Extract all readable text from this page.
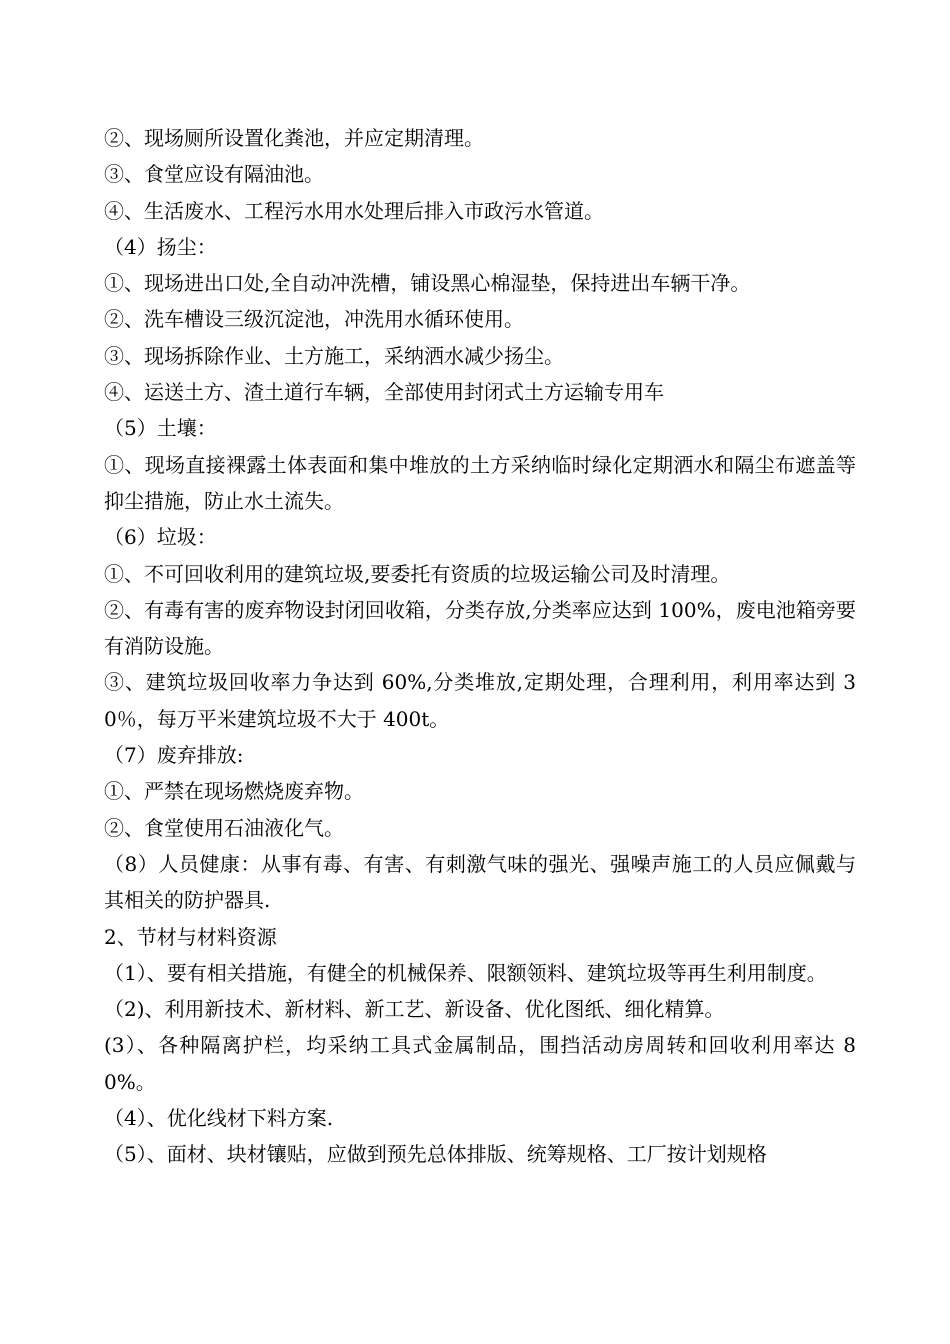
②、现场厕所设置化粪池，并应定期清理。

③、食堂应设有隔油池。

④、生活废水、工程污水用水处理后排入市政污水管道。

（4）扬尘：

①、现场进出口处,全自动冲洗槽，铺设黑心棉湿垫，保持进出车辆干净。

②、洗车槽设三级沉淀池，冲洗用水循环使用。

③、现场拆除作业、土方施工，采纳洒水减少扬尘。

④、运送土方、渣土道行车辆，全部使用封闭式土方运输专用车

（5）土壤：

①、现场直接裸露土体表面和集中堆放的土方采纳临时绿化定期洒水和隔尘布遮盖等抑尘措施，防止水土流失。

（6）垃圾：

①、不可回收利用的建筑垃圾,要委托有资质的垃圾运输公司及时清理。

②、有毒有害的废弃物设封闭回收箱，分类存放,分类率应达到 100%，废电池箱旁要有消防设施。

③、建筑垃圾回收率力争达到 60%,分类堆放,定期处理，合理利用，利用率达到 30％，每万平米建筑垃圾不大于 400t。

（7）废弃排放:

①、严禁在现场燃烧废弃物。

②、食堂使用石油液化气。

（8）人员健康：从事有毒、有害、有刺激气味的强光、强噪声施工的人员应佩戴与其相关的防护器具.

2、节材与材料资源

（1）、要有相关措施，有健全的机械保养、限额领料、建筑垃圾等再生利用制度。

（2)、利用新技术、新材料、新工艺、新设备、优化图纸、细化精算。

(3）、各种隔离护栏，均采纳工具式金属制品，围挡活动房周转和回收利用率达 80%。

（4）、优化线材下料方案.

（5）、面材、块材镶贴，应做到预先总体排版、统筹规格、工厂按计划规格
